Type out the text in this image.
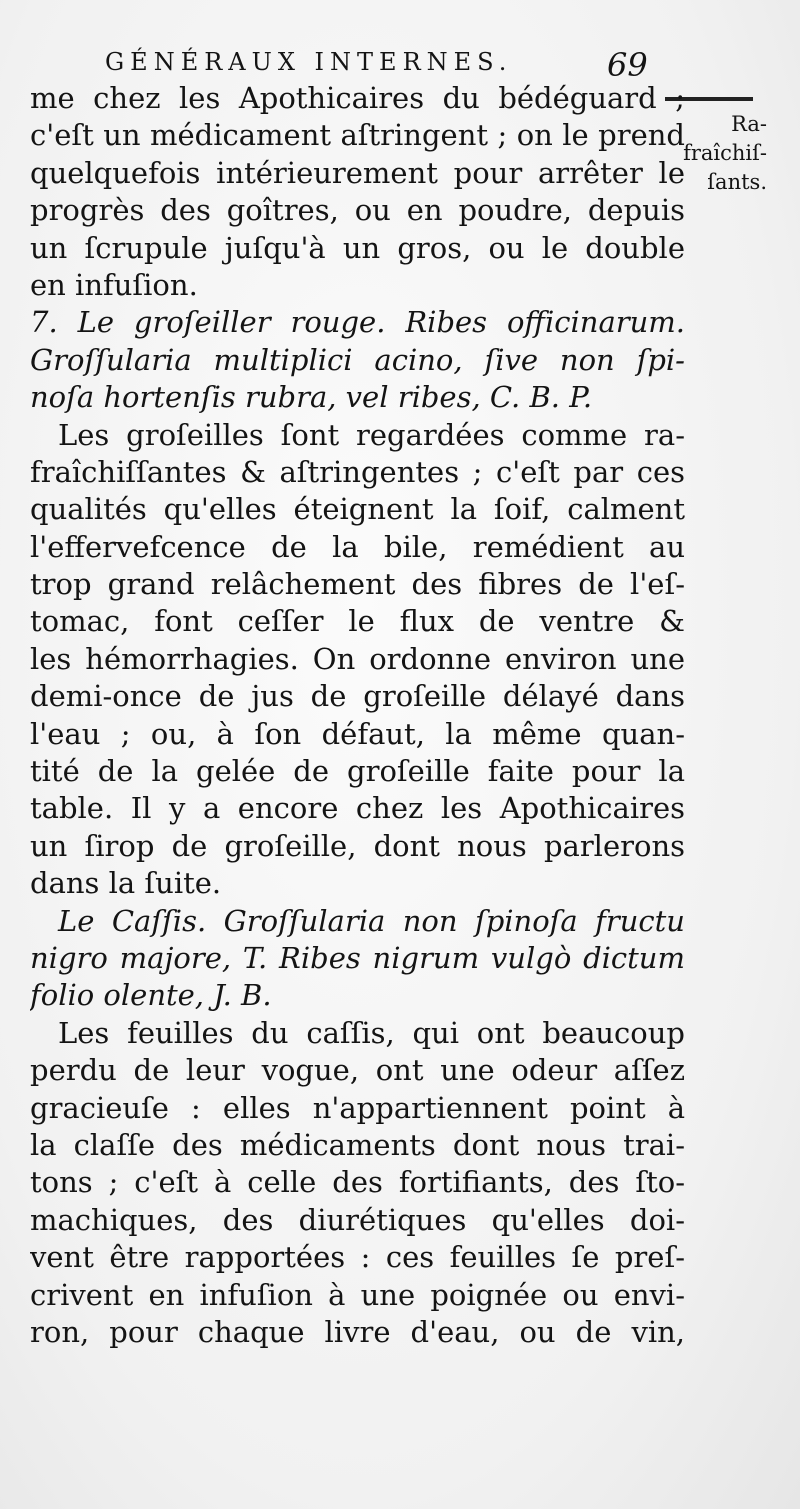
GÉNÉRAUX INTERNES.	69
Ra-
fraîchiſ-
ſants.
me chez les Apothicaires du bédéguard ;
c'eſt un médicament aſtringent ; on le prend
quelquefois intérieurement pour arrêter le
progrès des goîtres, ou en poudre, depuis
un ſcrupule juſqu'à un gros, ou le double
en infuſion.
7. Le groſeiller rouge. Ribes officinarum.
Groſſularia multiplici acino, ſive non ſpi-
noſa hortenſis rubra, vel ribes, C. B. P.
Les groſeilles ſont regardées comme ra-
fraîchiſſantes & aſtringentes ; c'eſt par ces
qualités qu'elles éteignent la ſoif, calment
l'effervefcence de la bile, remédient au
trop grand relâchement des fibres de l'eſ-
tomac, font ceſſer le flux de ventre &
les hémorrhagies. On ordonne environ une
demi-once de jus de groſeille délayé dans
l'eau ; ou, à ſon défaut, la même quan-
tité de la gelée de groſeille faite pour la
table. Il y a encore chez les Apothicaires
un ſirop de groſeille, dont nous parlerons
dans la ſuite.
Le Caſſis. Groſſularia non ſpinoſa fructu
nigro majore, T. Ribes nigrum vulgò dictum
folio olente, J. B.
Les feuilles du caſſis, qui ont beaucoup
perdu de leur vogue, ont une odeur aſſez
gracieuſe : elles n'appartiennent point à
la claſſe des médicaments dont nous trai-
tons ; c'eſt à celle des fortifiants, des ſto-
machiques, des diurétiques qu'elles doi-
vent être rapportées : ces feuilles ſe preſ-
crivent en infuſion à une poignée ou envi-
ron, pour chaque livre d'eau, ou de vin,
